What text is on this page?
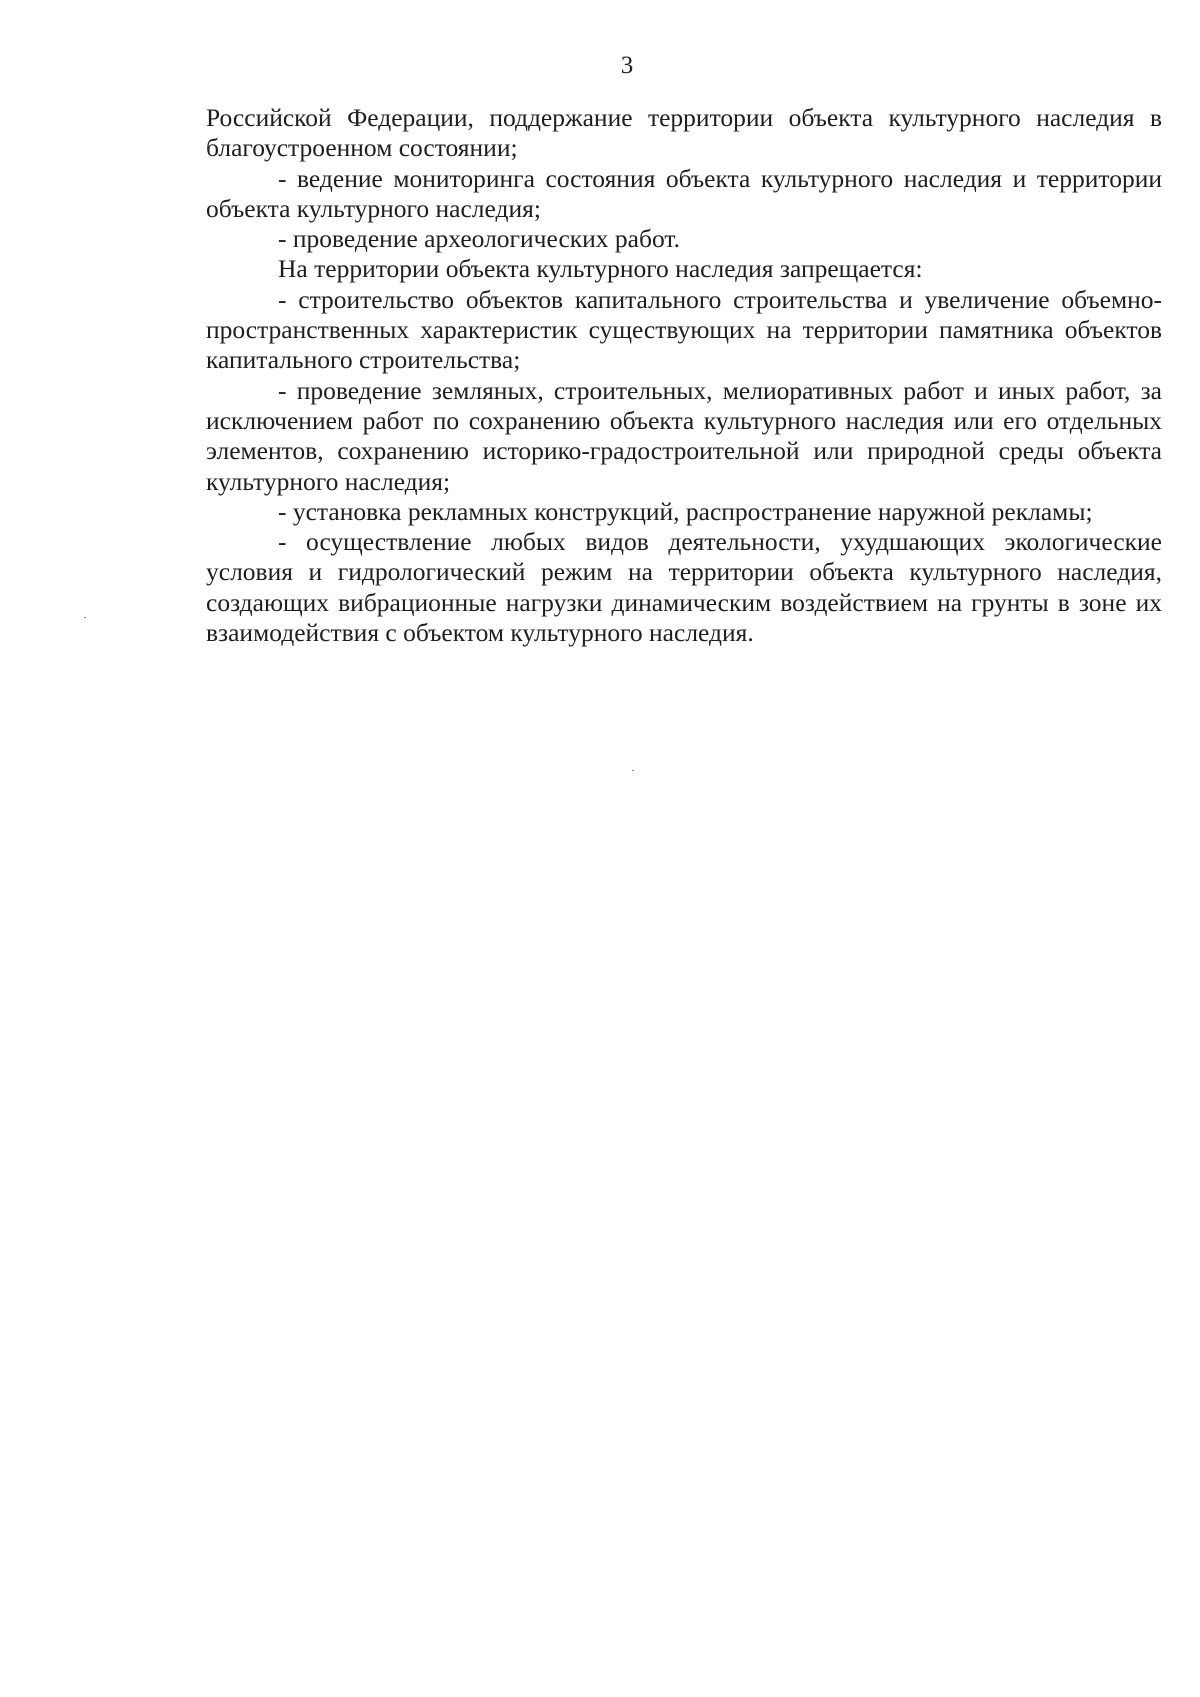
3

Российской Федерации, поддержание территории объекта культурного наследия в благоустроенном состоянии;

- ведение мониторинга состояния объекта культурного наследия и территории объекта культурного наследия;

- проведение археологических работ.

На территории объекта культурного наследия запрещается:

- строительство объектов капитального строительства и увеличение объемно-пространственных характеристик существующих на территории памятника объектов капитального строительства;

- проведение земляных, строительных, мелиоративных работ и иных работ, за исключением работ по сохранению объекта культурного наследия или его отдельных элементов, сохранению историко-градостроительной или природной среды объекта культурного наследия;

- установка рекламных конструкций, распространение наружной рекламы;

- осуществление любых видов деятельности, ухудшающих экологические условия и гидрологический режим на территории объекта культурного наследия, создающих вибрационные нагрузки динамическим воздействием на грунты в зоне их взаимодействия с объектом культурного наследия.
